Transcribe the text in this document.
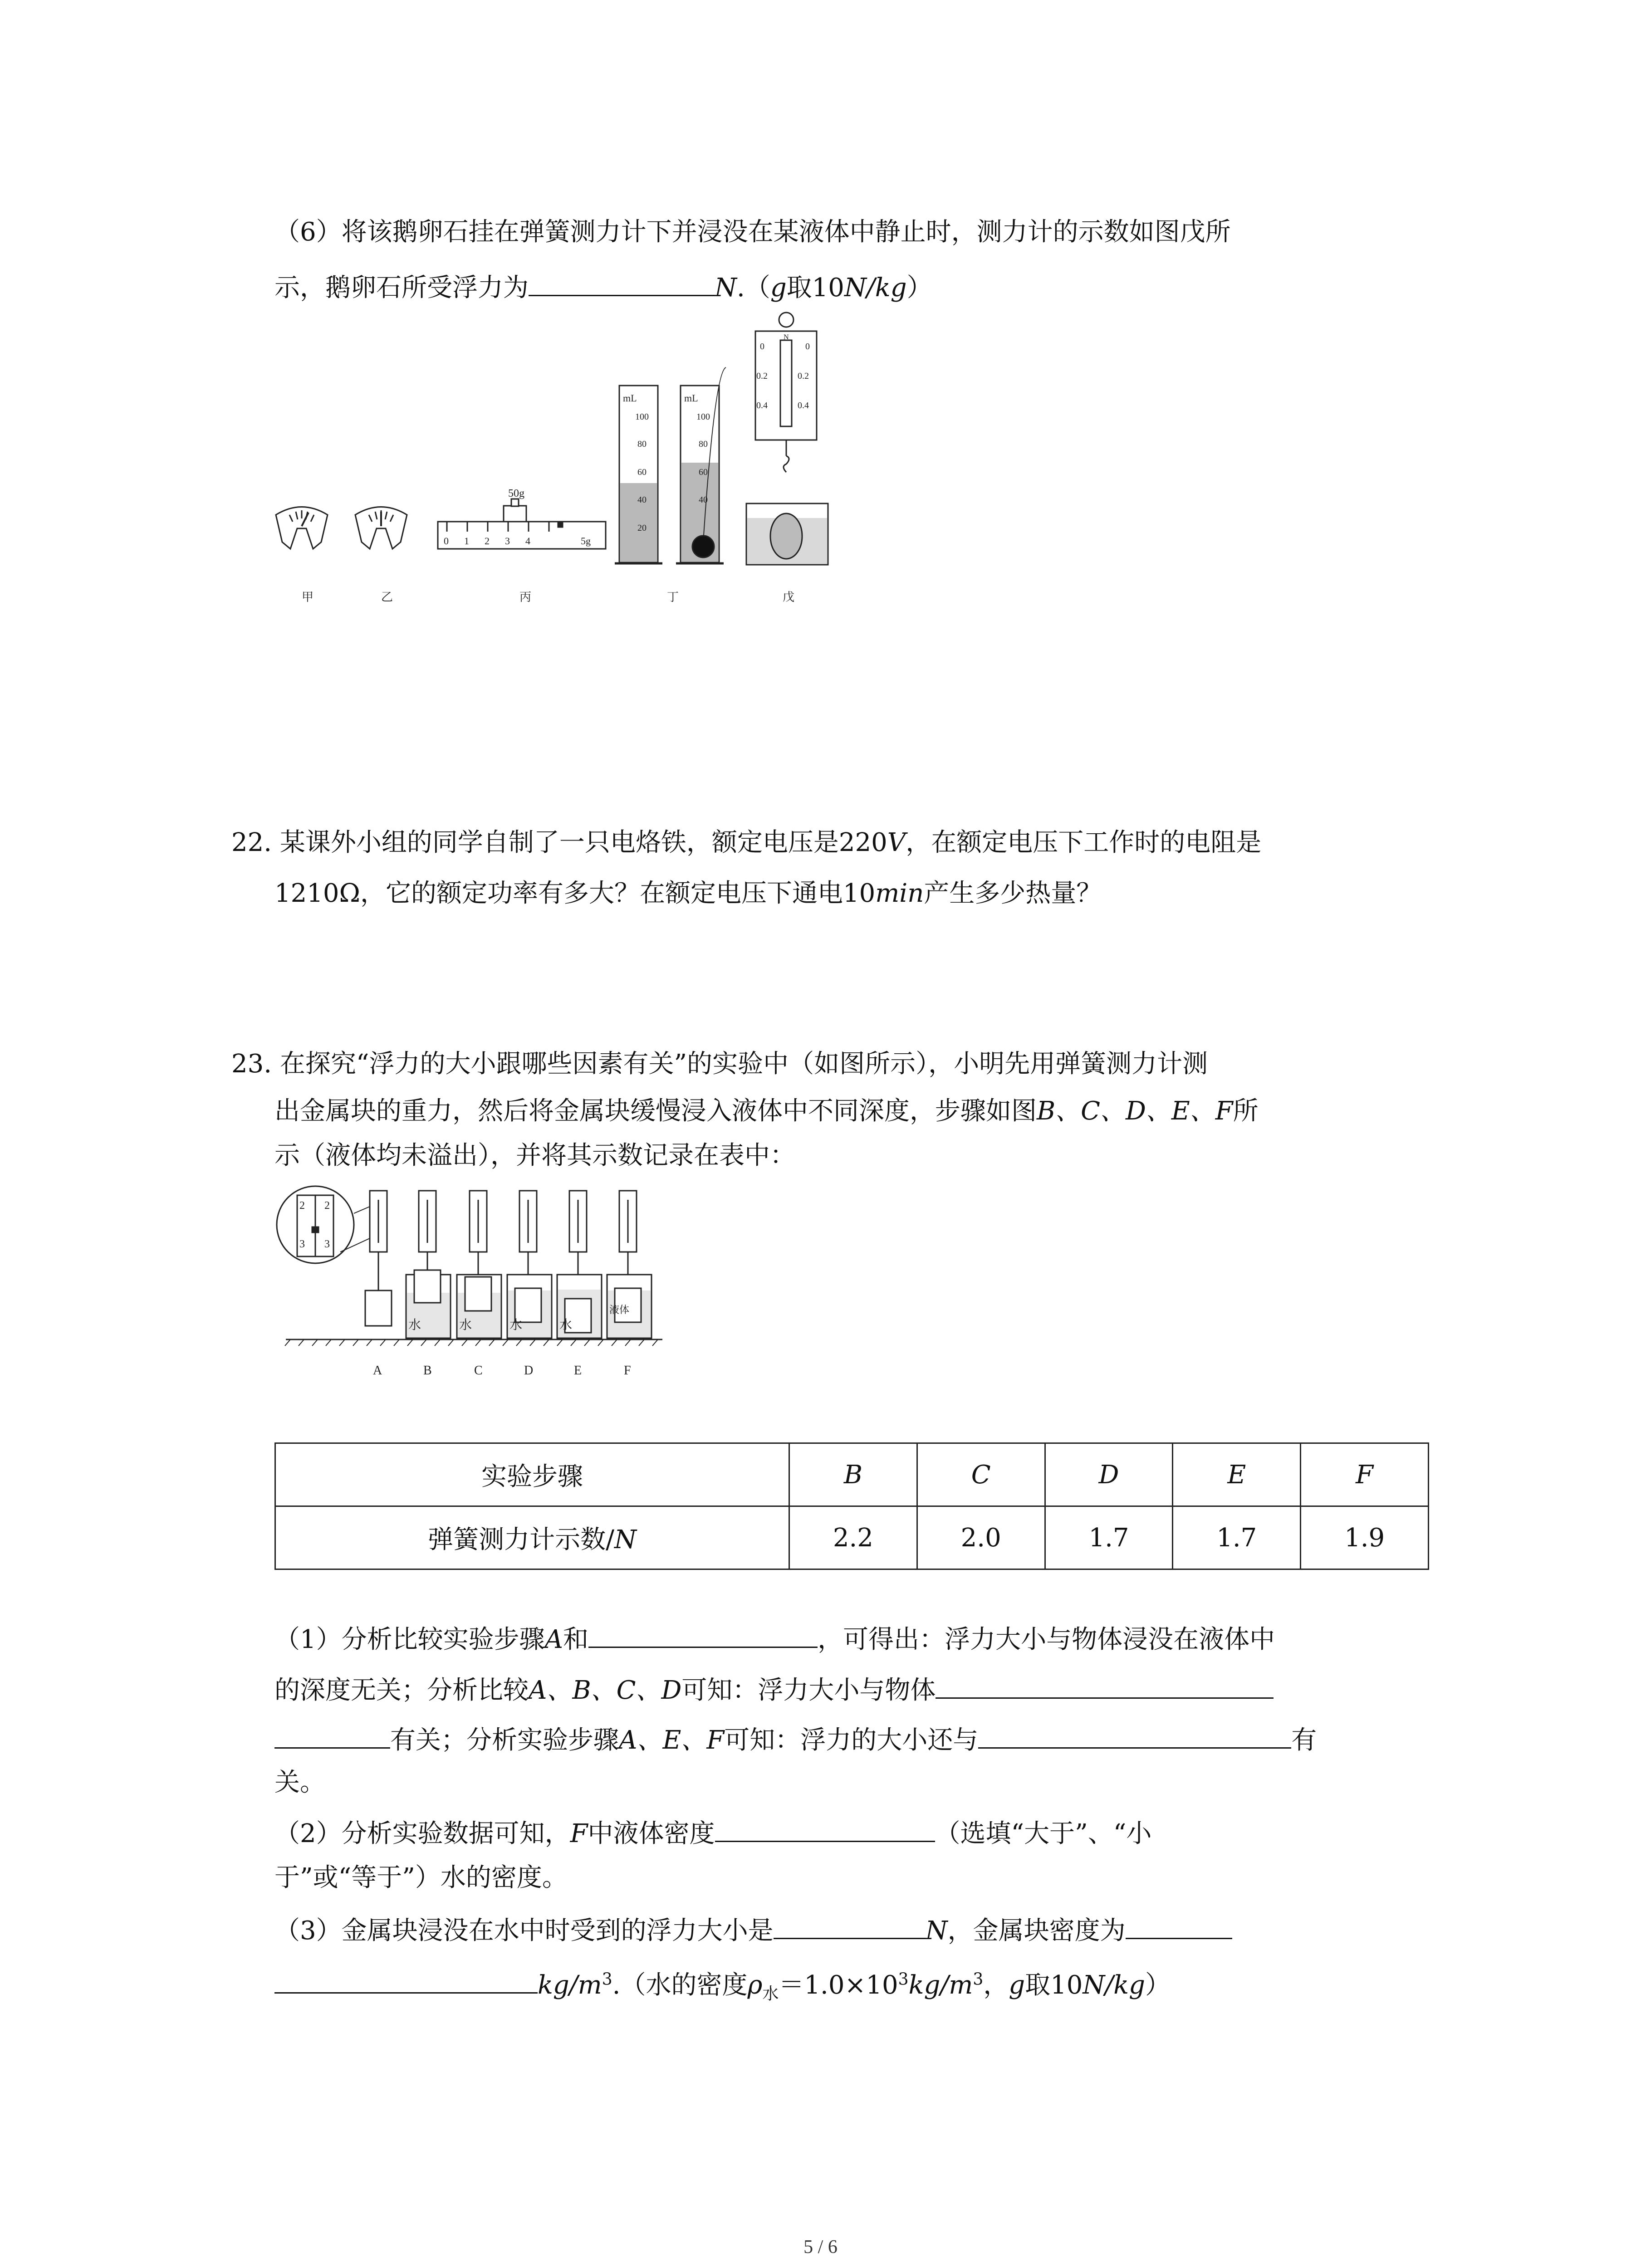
（6）将该鹅卵石挂在弹簧测力计下并浸没在某液体中静止时，测力计的示数如图戊所
示，鹅卵石所受浮力为	N.（g取10N/kg）
50g
0 1 2 3 4	5g
mL
100
80
60
40
20
mL
100
80
60
40
N
0
0.2
0.4
0
0.2
0.4
甲	乙	丙	丁	戊
22. 某课外小组的同学自制了一只电烙铁，额定电压是220V，在额定电压下工作时的电阻是
1210Ω，它的额定功率有多大？在额定电压下通电10min产生多少热量？
23. 在探究“浮力的大小跟哪些因素有关”的实验中（如图所示），小明先用弹簧测力计测
出金属块的重力，然后将金属块缓慢浸入液体中不同深度，步骤如图B、C、D、E、F所
示（液体均未溢出），并将其示数记录在表中：
2 2
3 3
水	水	水	水
液体
A	B	C	D	E	F
实验步骤	B	C	D	E	F
弹簧测力计示数/N	2.2	2.0	1.7	1.7	1.9
（1）分析比较实验步骤A和	，可得出：浮力大小与物体浸没在液体中
的深度无关；分析比较A、B、C、D可知：浮力大小与物体
有关；分析实验步骤A、E、F可知：浮力的大小还与	有
关。
（2）分析实验数据可知，F中液体密度	（选填“大于”、“小
于”或“等于”）水的密度。
（3）金属块浸没在水中时受到的浮力大小是	N，金属块密度为
$kg/m^3$.（水的密度$\rho_水=1.0\times 10^3kg/m^3$，g取10N/kg）
5 / 6
